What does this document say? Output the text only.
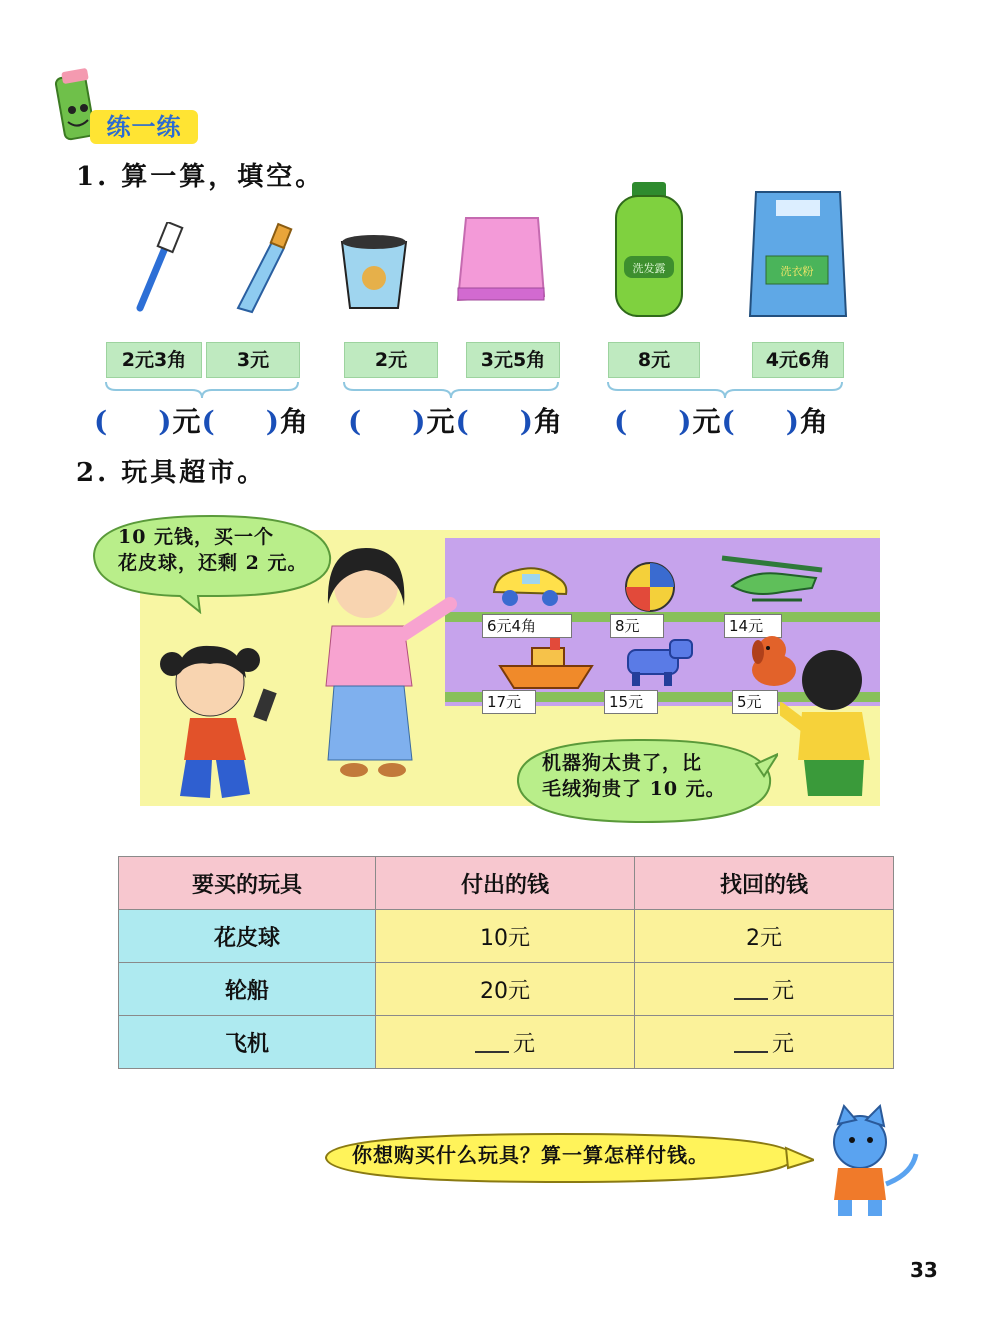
练一练
1. 算一算，填空。
洗发露	洗衣粉
2元3角	3元	2元	3元5角	8元	4元6角
( )元( )角 ( )元( )角 ( )元( )角
2. 玩具超市。
6元4角	8元	14元
17元	15元	5元
10 元钱，买一个
花皮球，还剩 2 元。
机器狗太贵了，比
毛绒狗贵了 10 元。
要买的玩具	付出的钱	找回的钱
花皮球	10元	2元
轮船	20元	元
飞机	元	元
你想购买什么玩具？算一算怎样付钱。
33
